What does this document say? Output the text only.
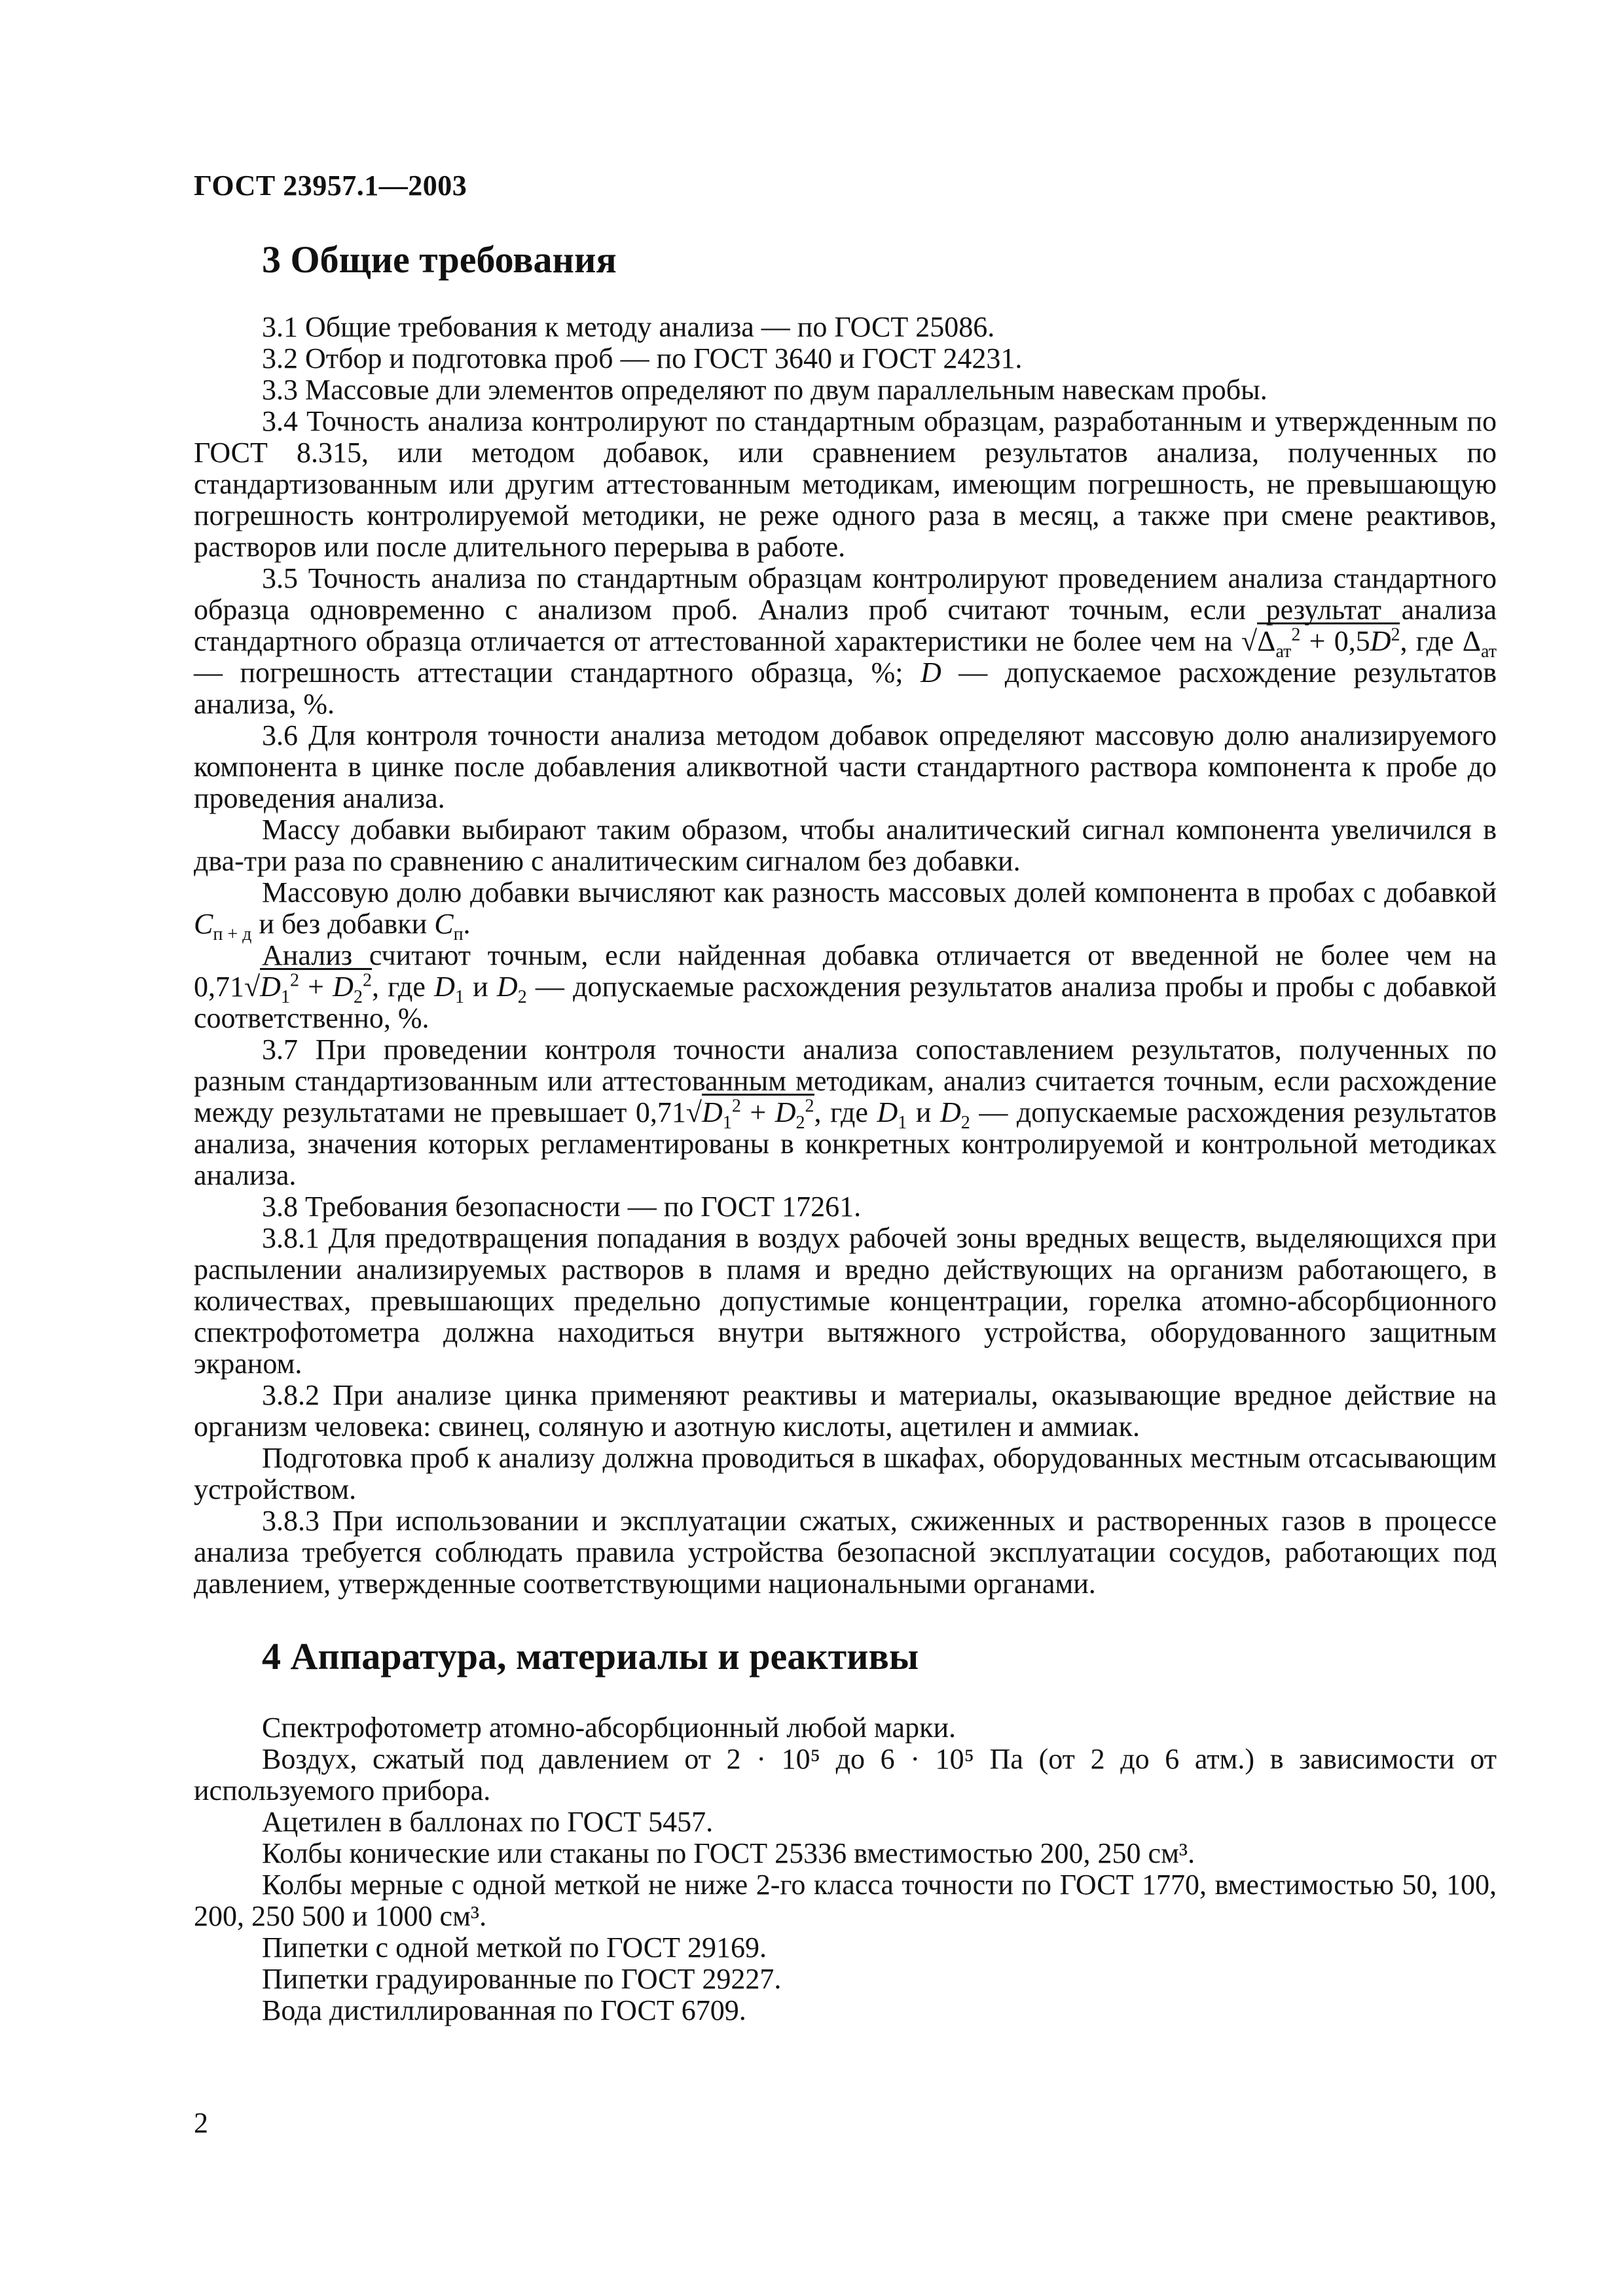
ГОСТ 23957.1—2003
3 Общие требования

3.1 Общие требования к методу анализа — по ГОСТ 25086.

3.2 Отбор и подготовка проб — по ГОСТ 3640 и ГОСТ 24231.

3.3 Массовые дли элементов определяют по двум параллельным навескам пробы.

3.4 Точность анализа контролируют по стандартным образцам, разработанным и утвержденным по ГОСТ 8.315, или методом добавок, или сравнением результатов анализа, полученных по стандартизованным или другим аттестованным методикам, имеющим погрешность, не превышающую погрешность контролируемой методики, не реже одного раза в месяц, а также при смене реактивов, растворов или после длительного перерыва в работе.

3.5 Точность анализа по стандартным образцам контролируют проведением анализа стандартного образца одновременно с анализом проб. Анализ проб считают точным, если результат анализа стандартного образца отличается от аттестованной характеристики не более чем на $√\Delta_{ат}^2 + 0,5D^2$, где $\Delta_{ат}$ — погрешность аттестации стандартного образца, %; D — допускаемое расхождение результатов анализа, %.

3.6 Для контроля точности анализа методом добавок определяют массовую долю анализируемого компонента в цинке после добавления аликвотной части стандартного раствора компонента к пробе до проведения анализа.

Массу добавки выбирают таким образом, чтобы аналитический сигнал компонента увеличился в два-три раза по сравнению с аналитическим сигналом без добавки.

Массовую долю добавки вычисляют как разность массовых долей компонента в пробах с добавкой $C_{п + д}$ и без добавки $C_п$.

Анализ считают точным, если найденная добавка отличается от введенной не более чем на $0,71√D_1^2 + D_2^2$, где $D_1$ и $D_2$ — допускаемые расхождения результатов анализа пробы и пробы с добавкой соответственно, %.

3.7 При проведении контроля точности анализа сопоставлением результатов, полученных по разным стандартизованным или аттестованным методикам, анализ считается точным, если расхождение между результатами не превышает $0,71√D_1^2 + D_2^2$, где $D_1$ и $D_2$ — допускаемые расхождения результатов анализа, значения которых регламентированы в конкретных контролируемой и контрольной методиках анализа.

3.8 Требования безопасности — по ГОСТ 17261.

3.8.1 Для предотвращения попадания в воздух рабочей зоны вредных веществ, выделяющихся при распылении анализируемых растворов в пламя и вредно действующих на организм работающего, в количествах, превышающих предельно допустимые концентрации, горелка атомно-абсорбционного спектрофотометра должна находиться внутри вытяжного устройства, оборудованного защитным экраном.

3.8.2 При анализе цинка применяют реактивы и материалы, оказывающие вредное действие на организм человека: свинец, соляную и азотную кислоты, ацетилен и аммиак.

Подготовка проб к анализу должна проводиться в шкафах, оборудованных местным отсасывающим устройством.

3.8.3 При использовании и эксплуатации сжатых, сжиженных и растворенных газов в процессе анализа требуется соблюдать правила устройства безопасной эксплуатации сосудов, работающих под давлением, утвержденные соответствующими национальными органами.

4 Аппаратура, материалы и реактивы

Спектрофотометр атомно-абсорбционный любой марки.

Воздух, сжатый под давлением от 2 · 10⁵ до 6 · 10⁵ Па (от 2 до 6 атм.) в зависимости от используемого прибора.

Ацетилен в баллонах по ГОСТ 5457.

Колбы конические или стаканы по ГОСТ 25336 вместимостью 200, 250 см³.

Колбы мерные с одной меткой не ниже 2-го класса точности по ГОСТ 1770, вместимостью 50, 100, 200, 250 500 и 1000 см³.

Пипетки с одной меткой по ГОСТ 29169.

Пипетки градуированные по ГОСТ 29227.

Вода дистиллированная по ГОСТ 6709.

2
